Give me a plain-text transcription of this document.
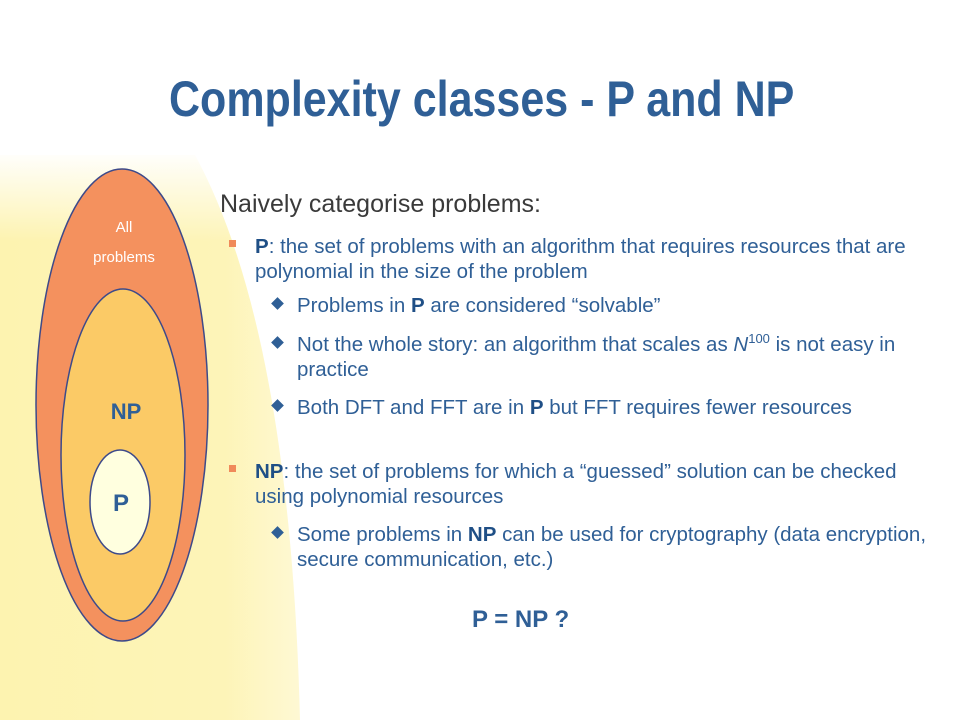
All
problems
NP
P
Complexity classes - P and NP

Naively categorise problems:

P: the set of problems with an algorithm that requires resources that are polynomial in the size of the problem

Problems in P are considered “solvable”

Not the whole story: an algorithm that scales as $N^{100}$ is not easy in practice

Both DFT and FFT are in P but FFT requires fewer resources

NP: the set of problems for which a “guessed” solution can be checked using polynomial resources

Some problems in NP can be used for cryptography (data encryption, secure communication, etc.)

P = NP ?
